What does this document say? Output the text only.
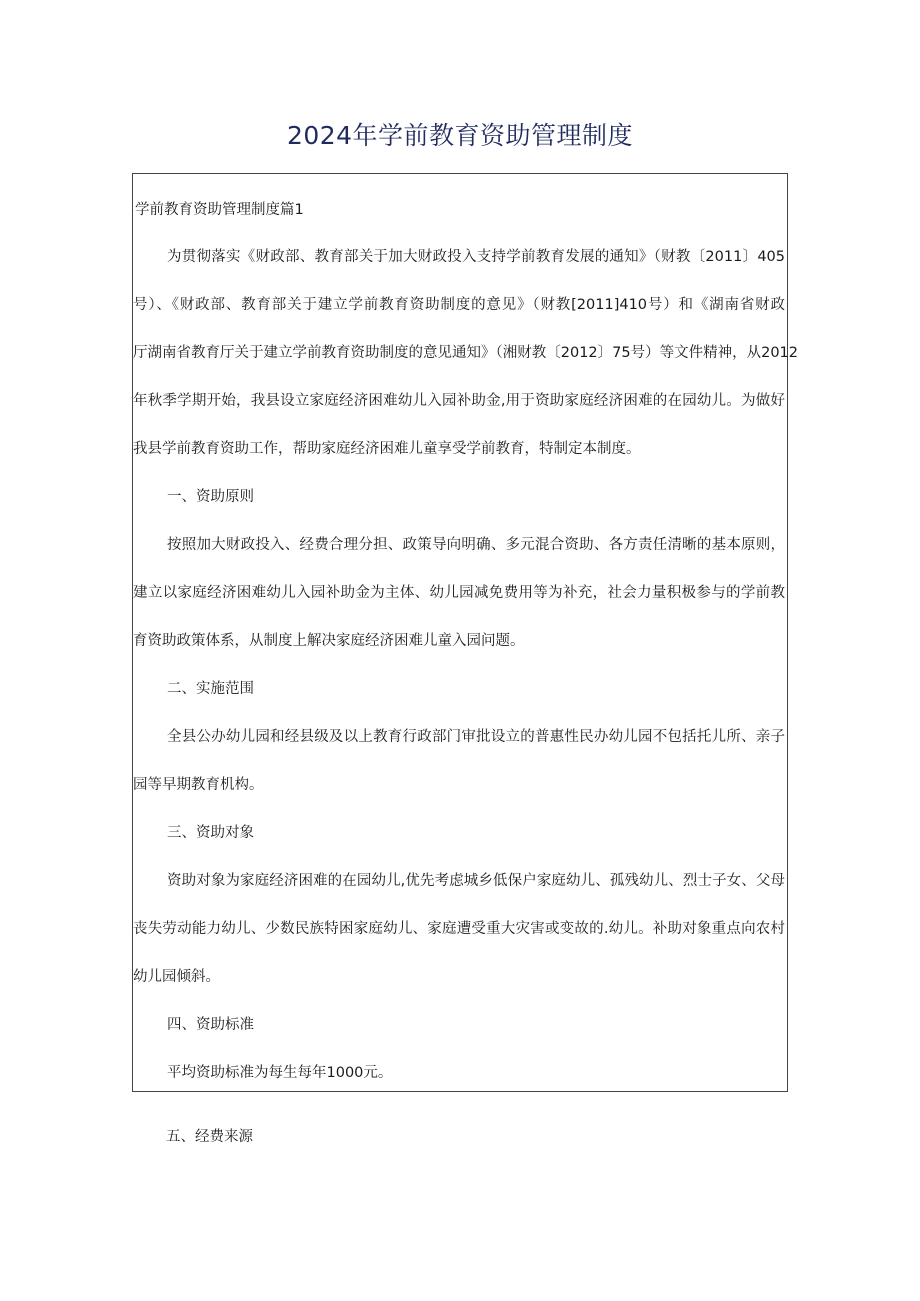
2024年学前教育资助管理制度
学前教育资助管理制度篇1
为贯彻落实《财政部、教育部关于加大财政投入支持学前教育发展的通知》（财教〔2011〕405
号）、《财政部、教育部关于建立学前教育资助制度的意见》（财教[2011]410号）和《湖南省财政
厅湖南省教育厅关于建立学前教育资助制度的意见通知》（湘财教〔2012〕75号）等文件精神，从2012
年秋季学期开始，我县设立家庭经济困难幼儿入园补助金,用于资助家庭经济困难的在园幼儿。为做好
我县学前教育资助工作，帮助家庭经济困难儿童享受学前教育，特制定本制度。
一、资助原则
按照加大财政投入、经费合理分担、政策导向明确、多元混合资助、各方责任清晰的基本原则，
建立以家庭经济困难幼儿入园补助金为主体、幼儿园减免费用等为补充，社会力量积极参与的学前教
育资助政策体系，从制度上解决家庭经济困难儿童入园问题。
二、实施范围
全县公办幼儿园和经县级及以上教育行政部门审批设立的普惠性民办幼儿园不包括托儿所、亲子
园等早期教育机构。
三、资助对象
资助对象为家庭经济困难的在园幼儿,优先考虑城乡低保户家庭幼儿、孤残幼儿、烈士子女、父母
丧失劳动能力幼儿、少数民族特困家庭幼儿、家庭遭受重大灾害或变故的.幼儿。补助对象重点向农村
幼儿园倾斜。
四、资助标准
平均资助标准为每生每年1000元。
五、经费来源
